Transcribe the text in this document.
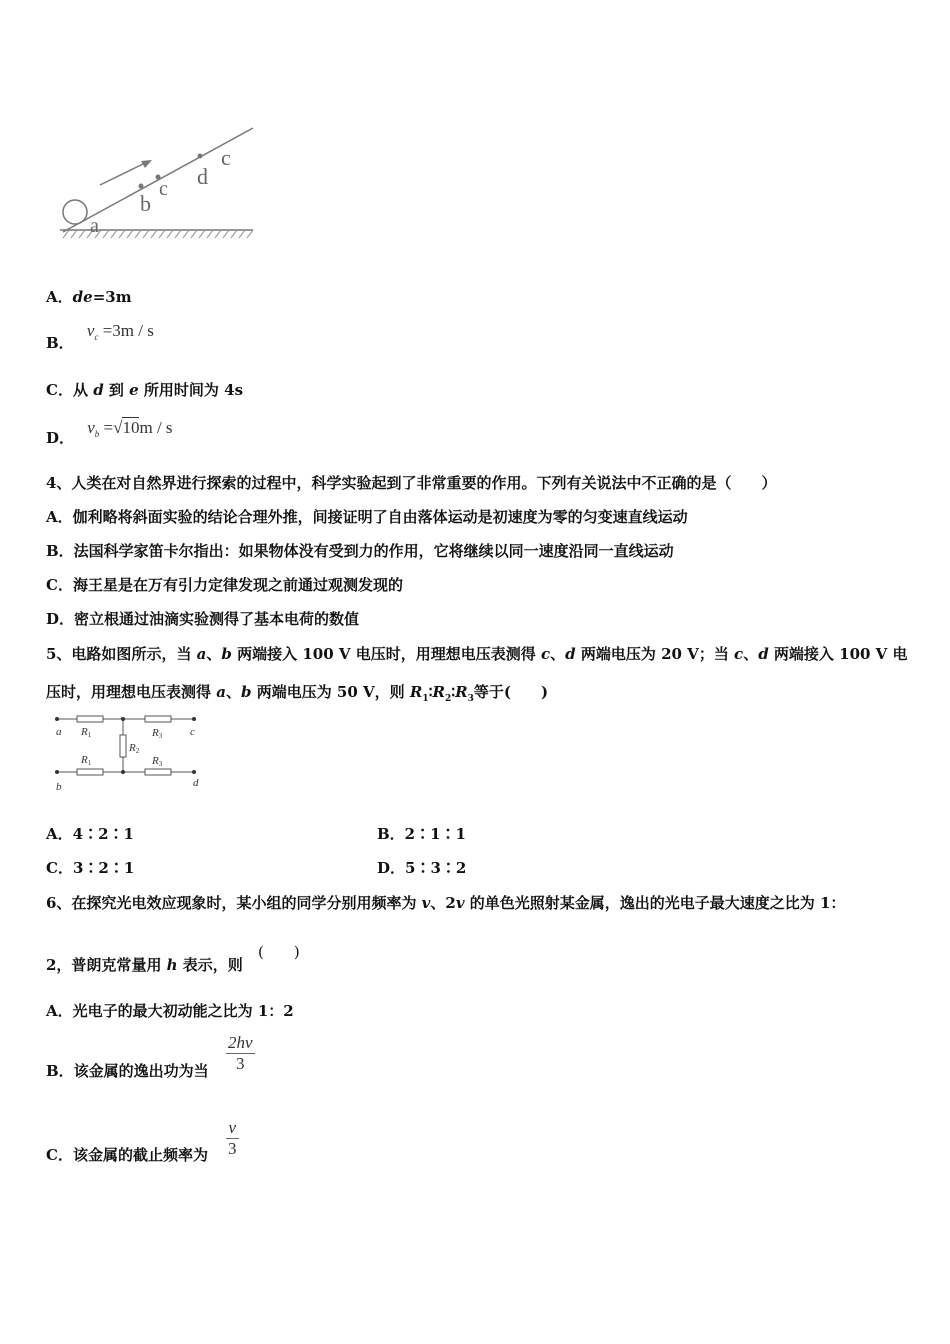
a
b
c d
c
A．de=3m
B． $v_c =3m / s$
C．从 d 到 e 所用时间为 4s
D． $v_b =√10m / s$
4、人类在对自然界进行探索的过程中，科学实验起到了非常重要的作用。下列有关说法中不正确的是（　　）
A．伽利略将斜面实验的结论合理外推，间接证明了自由落体运动是初速度为零的匀变速直线运动
B．法国科学家笛卡尔指出：如果物体没有受到力的作用，它将继续以同一速度沿同一直线运动
C．海王星是在万有引力定律发现之前通过观测发现的
D．密立根通过油滴实验测得了基本电荷的数值
5、电路如图所示，当 a、b 两端接入 100 V 电压时，用理想电压表测得 c、d 两端电压为 20 V；当 c、d 两端接入 100 V 电
压时，用理想电压表测得 a、b 两端电压为 50 V，则 $R_1∶R_2∶R_3$等于(　　)
a	c
b	d
R1	R3
R2
R1	R3
A．4∶2∶1	B．2∶1∶1
C．3∶2∶1	D．5∶3∶2
6、在探究光电效应现象时，某小组的同学分别用频率为 v、2v 的单色光照射某金属，逸出的光电子最大速度之比为 1：
2，普朗克常量用 h 表示，则
(　　)
A．光电子的最大初动能之比为 1：2
B．该金属的逸出功为当 $\frac{2hv}{3}$
C．该金属的截止频率为 $\frac{v}{3}$
